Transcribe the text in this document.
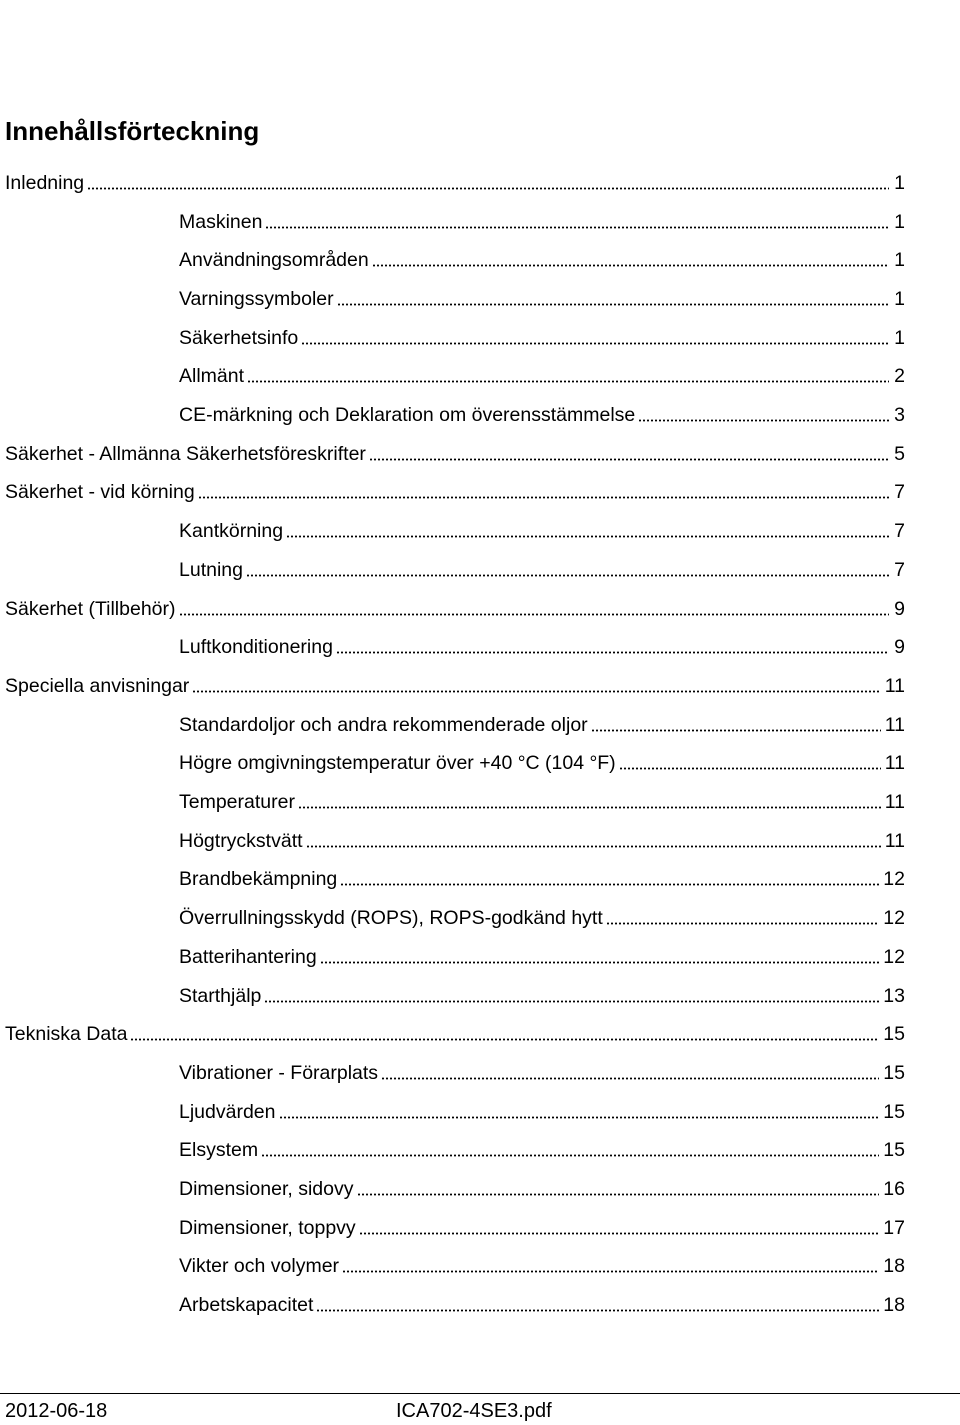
Innehållsförteckning
Inledning	1
Maskinen	1
Användningsområden	1
Varningssymboler	1
Säkerhetsinfo	1
Allmänt	2
CE-märkning och Deklaration om överensstämmelse	3
Säkerhet - Allmänna Säkerhetsföreskrifter	5
Säkerhet - vid körning	7
Kantkörning	7
Lutning	7
Säkerhet (Tillbehör)	9
Luftkonditionering	9
Speciella anvisningar	11
Standardoljor och andra rekommenderade oljor	11
Högre omgivningstemperatur över +40 °C (104 °F)	11
Temperaturer	11
Högtryckstvätt	11
Brandbekämpning	12
Överrullningsskydd (ROPS), ROPS-godkänd hytt	12
Batterihantering	12
Starthjälp	13
Tekniska Data	15
Vibrationer - Förarplats	15
Ljudvärden	15
Elsystem	15
Dimensioner, sidovy	16
Dimensioner, toppvy	17
Vikter och volymer	18
Arbetskapacitet	18
2012-06-18	ICA702-4SE3.pdf
